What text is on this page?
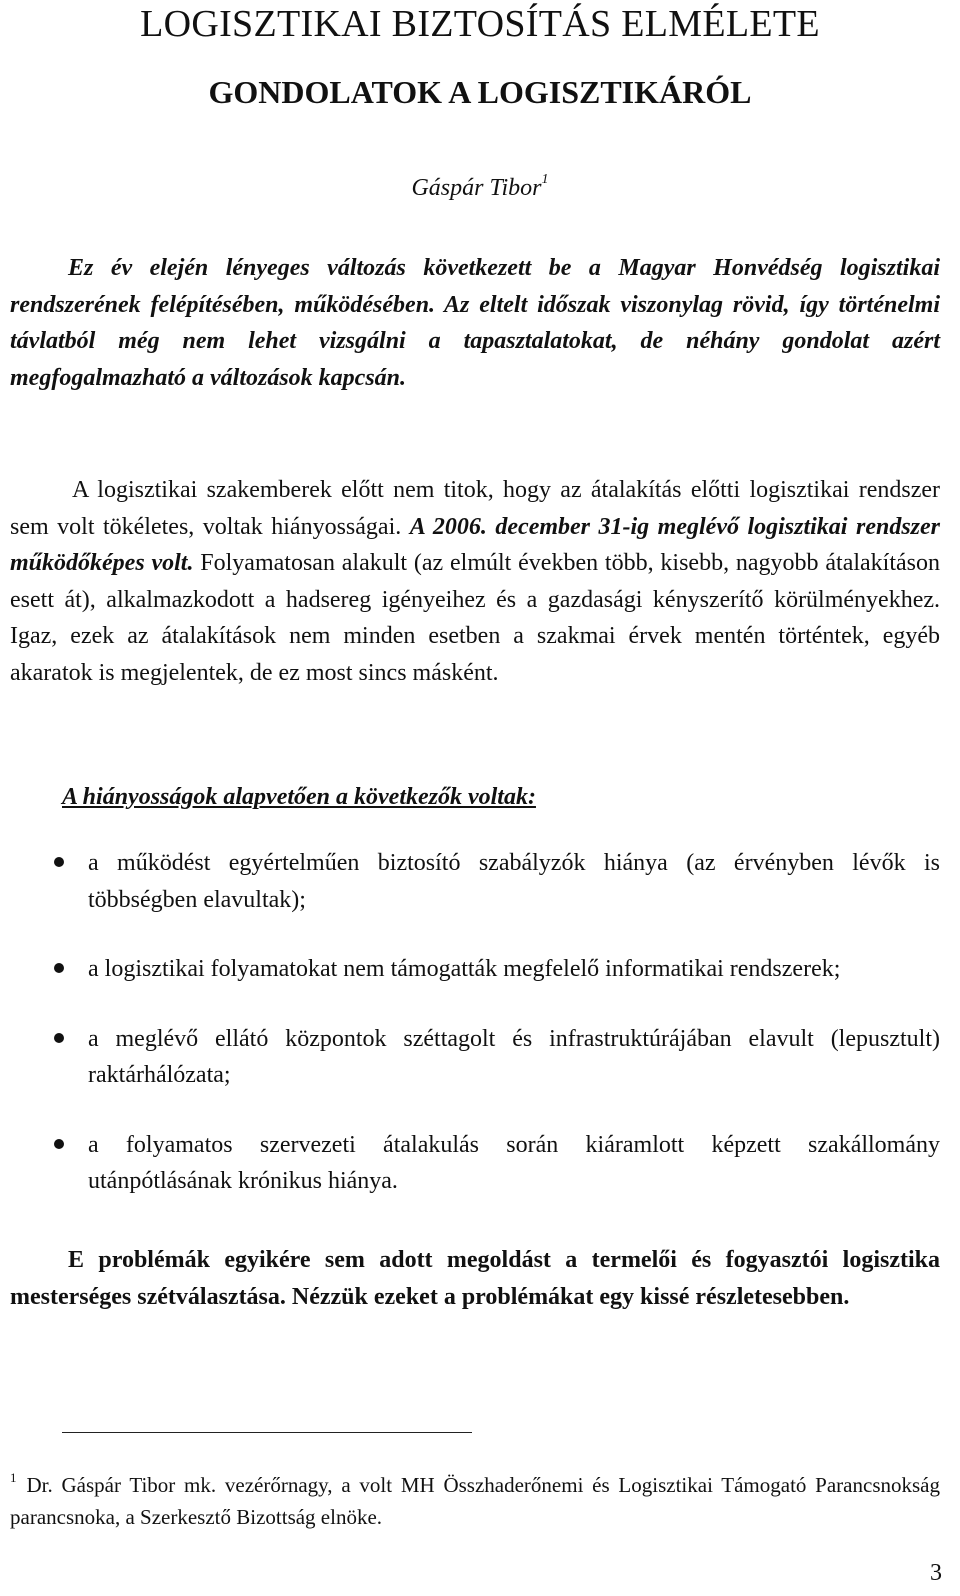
LOGISZTIKAI BIZTOSÍTÁS ELMÉLETE
GONDOLATOK A LOGISZTIKÁRÓL
Gáspár Tibor$^1$

Ez év elején lényeges változás következett be a Magyar Honvédség logisztikai rendszerének felépítésében, működésében. Az eltelt időszak viszonylag rövid, így történelmi távlatból még nem lehet vizsgálni a tapasztalatokat, de néhány gondolat azért megfogalmazható a változások kapcsán.

A logisztikai szakemberek előtt nem titok, hogy az átalakítás előtti logisztikai rendszer sem volt tökéletes, voltak hiányosságai. A 2006. december 31-ig meglévő logisztikai rendszer működőképes volt. Folyamatosan alakult (az elmúlt években több, kisebb, nagyobb átalakításon esett át), alkalmazkodott a hadsereg igényeihez és a gazdasági kényszerítő körülményekhez. Igaz, ezek az átalakítások nem minden esetben a szakmai érvek mentén történtek, egyéb akaratok is megjelentek, de ez most sincs másként.

A hiányosságok alapvetően a következők voltak:
a működést egyértelműen biztosító szabályzók hiánya (az érvényben lévők is többségben elavultak);
a logisztikai folyamatokat nem támogatták megfelelő informatikai rendszerek;
a meglévő ellátó központok széttagolt és infrastruktúrájában elavult (lepusztult) raktárhálózata;
a folyamatos szervezeti átalakulás során kiáramlott képzett szakállomány utánpótlásának krónikus hiánya.

E problémák egyikére sem adott megoldást a termelői és fogyasztói logisztika mesterséges szétválasztása. Nézzük ezeket a problémákat egy kissé részletesebben.

$^1$ Dr. Gáspár Tibor mk. vezérőrnagy, a volt MH Összhaderőnemi és Logisztikai Támogató Parancsnokság parancsnoka, a Szerkesztő Bizottság elnöke.

3
